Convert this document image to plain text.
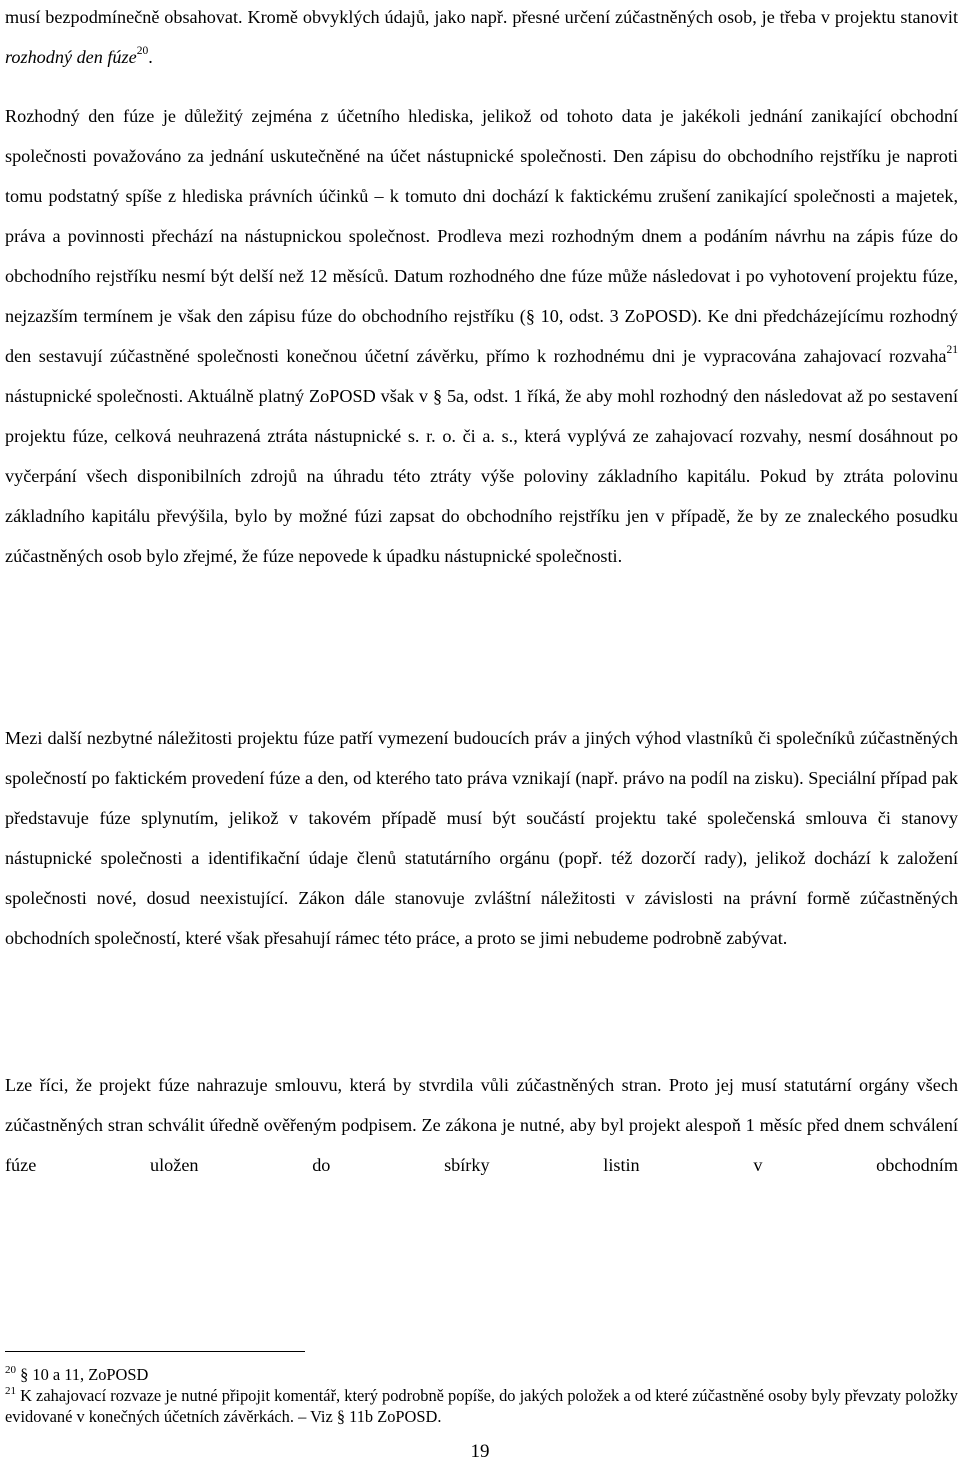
musí bezpodmínečně obsahovat. Kromě obvyklých údajů, jako např. přesné určení zúčastněných osob, je třeba v projektu stanovit rozhodný den fúze$^{20}$.

Rozhodný den fúze je důležitý zejména z účetního hlediska, jelikož od tohoto data je jakékoli jednání zanikající obchodní společnosti považováno za jednání uskutečněné na účet nástupnické společnosti. Den zápisu do obchodního rejstříku je naproti tomu podstatný spíše z hlediska právních účinků – k tomuto dni dochází k faktickému zrušení zanikající společnosti a majetek, práva a povinnosti přechází na nástupnickou společnost. Prodleva mezi rozhodným dnem a podáním návrhu na zápis fúze do obchodního rejstříku nesmí být delší než 12 měsíců. Datum rozhodného dne fúze může následovat i po vyhotovení projektu fúze, nejzazším termínem je však den zápisu fúze do obchodního rejstříku (§ 10, odst. 3 ZoPOSD). Ke dni předcházejícímu rozhodný den sestavují zúčastněné společnosti konečnou účetní závěrku, přímo k rozhodnému dni je vypracována zahajovací rozvaha$^{21}$ nástupnické společnosti. Aktuálně platný ZoPOSD však v § 5a, odst. 1 říká, že aby mohl rozhodný den následovat až po sestavení projektu fúze, celková neuhrazená ztráta nástupnické s. r. o. či a. s., která vyplývá ze zahajovací rozvahy, nesmí dosáhnout po vyčerpání všech disponibilních zdrojů na úhradu této ztráty výše poloviny základního kapitálu. Pokud by ztráta polovinu základního kapitálu převýšila, bylo by možné fúzi zapsat do obchodního rejstříku jen v případě, že by ze znaleckého posudku zúčastněných osob bylo zřejmé, že fúze nepovede k úpadku nástupnické společnosti.

Mezi další nezbytné náležitosti projektu fúze patří vymezení budoucích práv a jiných výhod vlastníků či společníků zúčastněných společností po faktickém provedení fúze a den, od kterého tato práva vznikají (např. právo na podíl na zisku). Speciální případ pak představuje fúze splynutím, jelikož v takovém případě musí být součástí projektu také společenská smlouva či stanovy nástupnické společnosti a identifikační údaje členů statutárního orgánu (popř. též dozorčí rady), jelikož dochází k založení společnosti nové, dosud neexistující. Zákon dále stanovuje zvláštní náležitosti v závislosti na právní formě zúčastněných obchodních společností, které však přesahují rámec této práce, a proto se jimi nebudeme podrobně zabývat.

Lze říci, že projekt fúze nahrazuje smlouvu, která by stvrdila vůli zúčastněných stran. Proto jej musí statutární orgány všech zúčastněných stran schválit úředně ověřeným podpisem. Ze zákona je nutné, aby byl projekt alespoň 1 měsíc před dnem schválení fúze uložen do sbírky listin v obchodním

$^{20}$ § 10 a 11, ZoPOSD

$^{21}$ K zahajovací rozvaze je nutné připojit komentář, který podrobně popíše, do jakých položek a od které zúčastněné osoby byly převzaty položky evidované v konečných účetních závěrkách. – Viz § 11b ZoPOSD.

19
